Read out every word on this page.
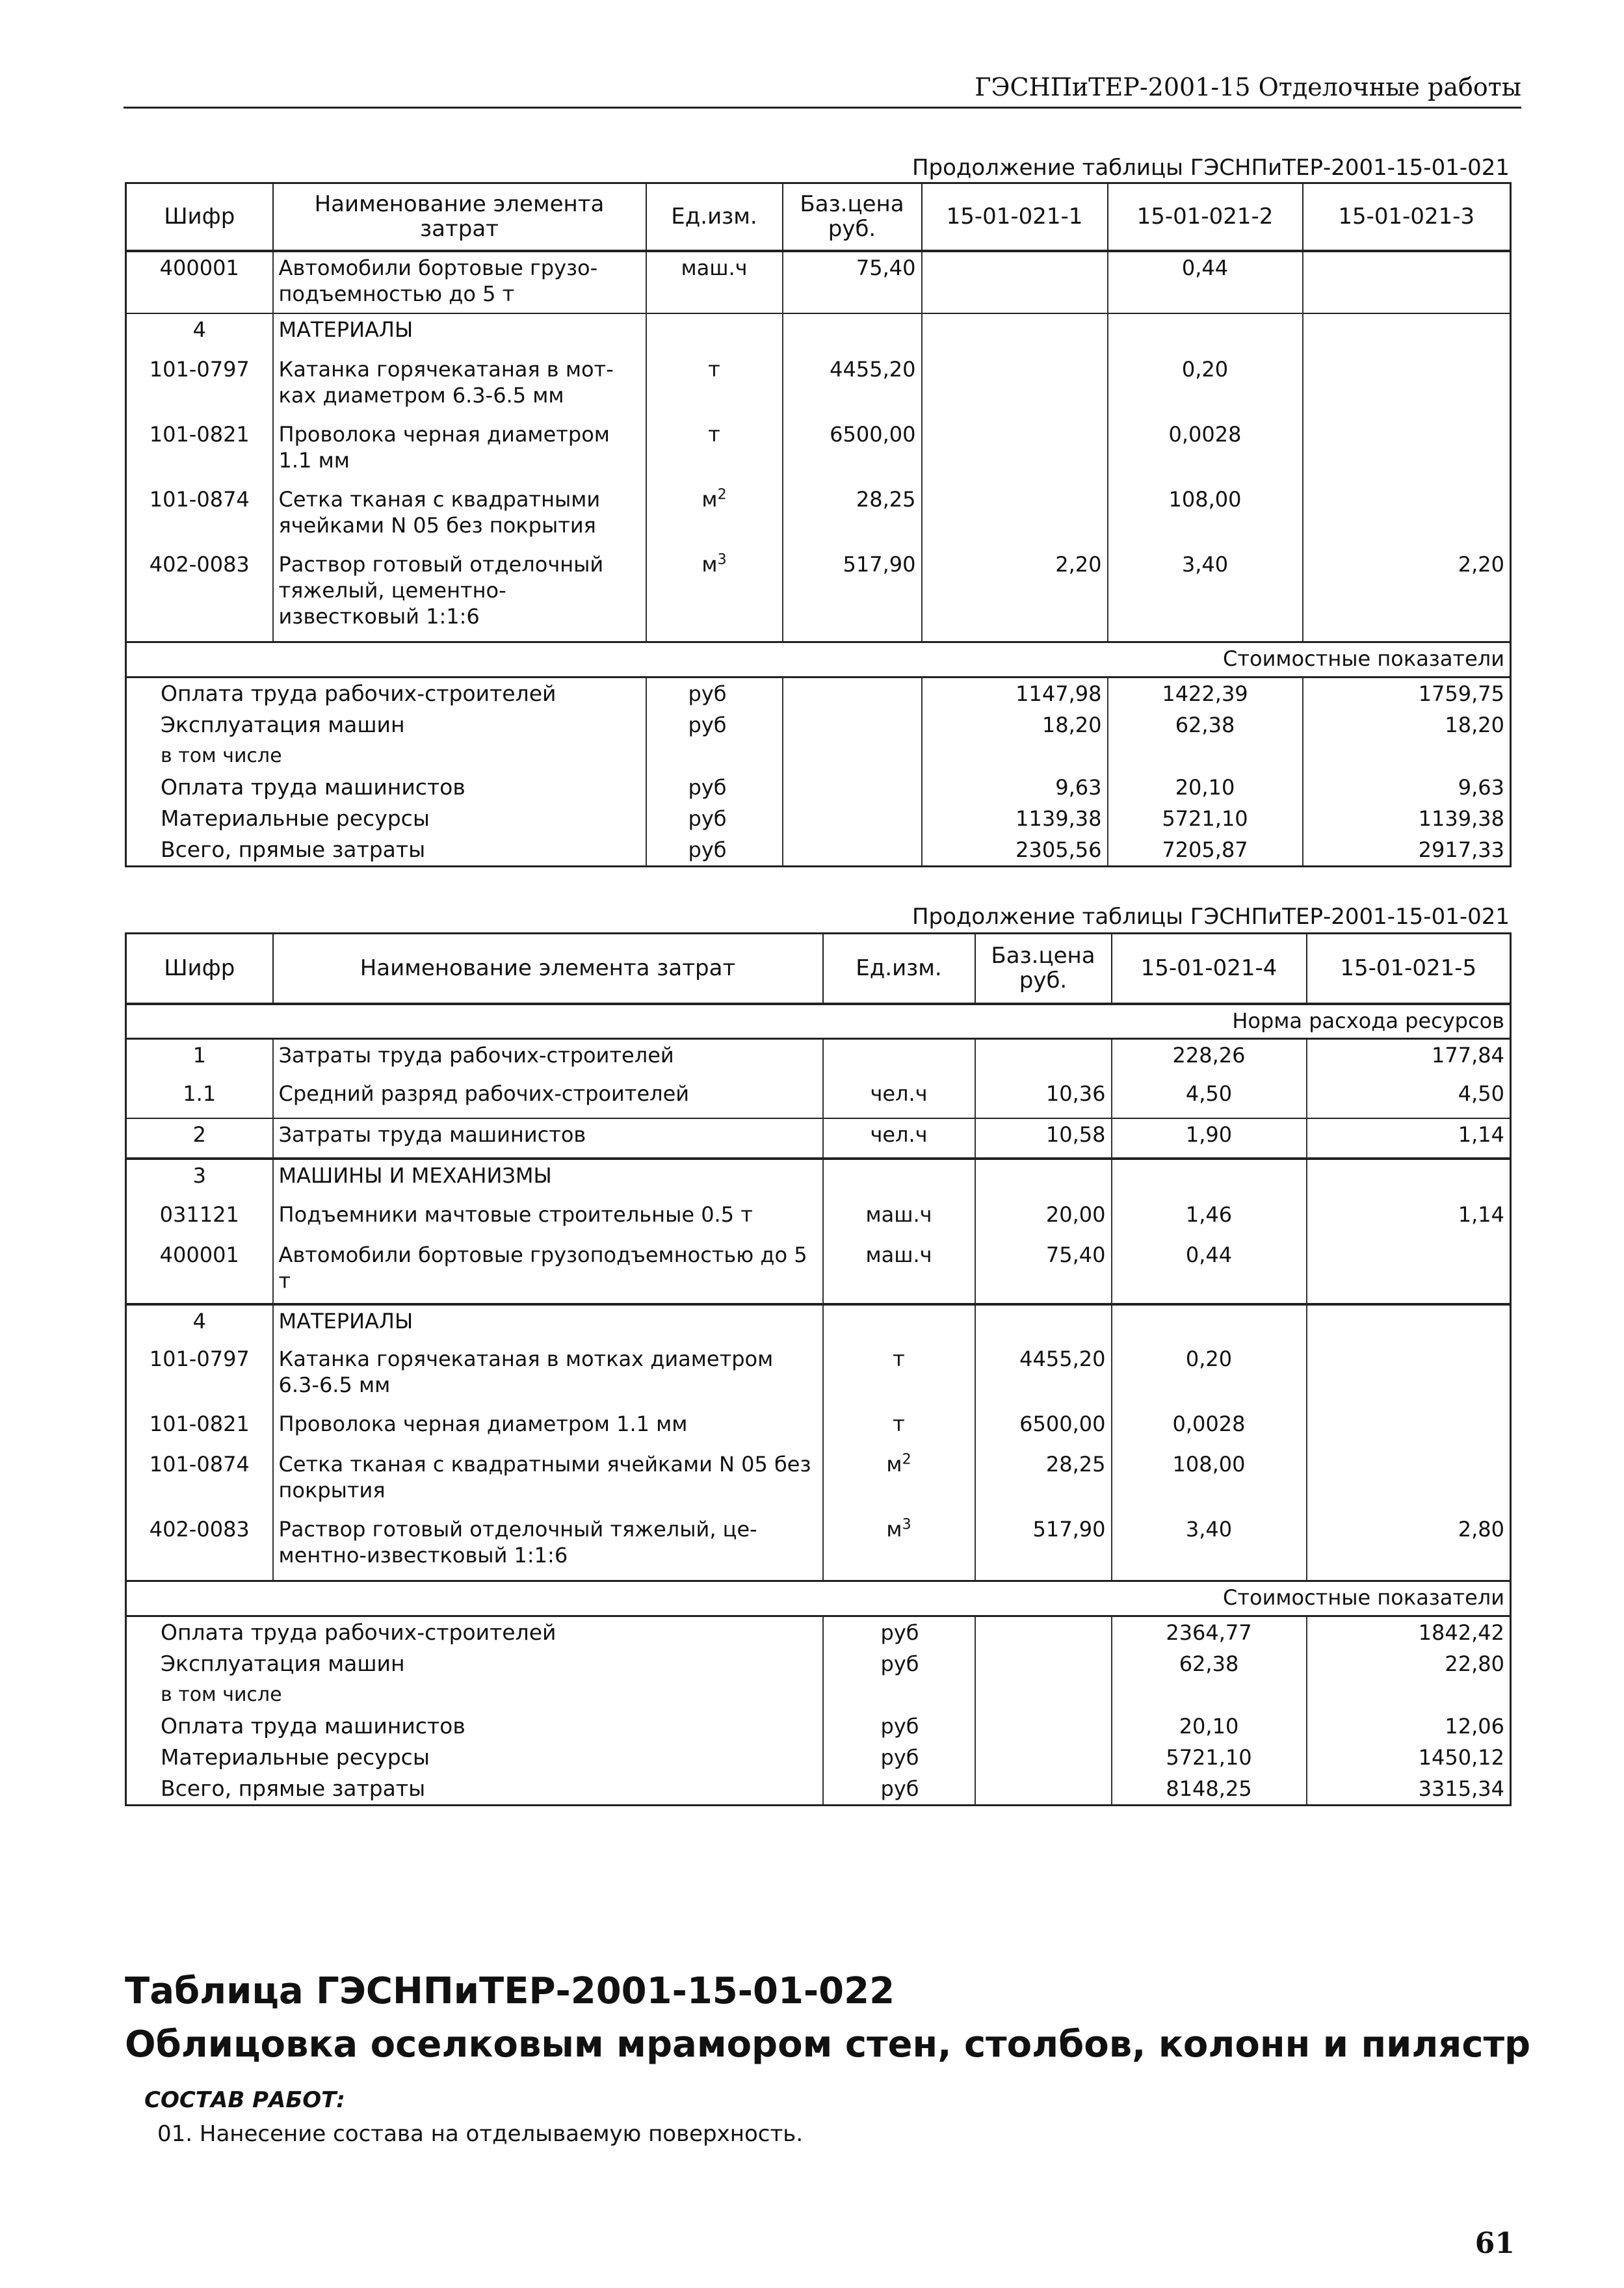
ГЭСНПиТЕР-2001-15 Отделочные работы
Продолжение таблицы ГЭСНПиТЕР-2001-15-01-021
Шифр	Наименование элемента затрат	Ед.изм.	Баз.цена руб.	15-01-021-1	15-01-021-2	15-01-021-3
400001	Автомобили бортовые грузо-подъемностью до 5 т	маш.ч	75,40		0,44	
4	МАТЕРИАЛЫ					
101-0797	Катанка горячекатаная в мот-ках диаметром 6.3-6.5 мм	т	4455,20		0,20	
101-0821	Проволока черная диаметром 1.1 мм	т	6500,00		0,0028	
101-0874	Сетка тканая с квадратными ячейками N 05 без покрытия	$м^2$	28,25		108,00	
402-0083	Раствор готовый отделочный тяжелый, цементно-известковый 1:1:6	$м^3$	517,90	2,20	3,40	2,20
Стоимостные показатели						
Оплата труда рабочих-строителей		руб		1147,98	1422,39	1759,75
Эксплуатация машин		руб		18,20	62,38	18,20
в том числе						
Оплата труда машинистов		руб		9,63	20,10	9,63
Материальные ресурсы		руб		1139,38	5721,10	1139,38
Всего, прямые затраты		руб		2305,56	7205,87	2917,33
Продолжение таблицы ГЭСНПиТЕР-2001-15-01-021
Шифр	Наименование элемента затрат	Ед.изм.	Баз.цена руб.	15-01-021-4	15-01-021-5
Норма расхода ресурсов					
1	Затраты труда рабочих-строителей			228,26	177,84
1.1	Средний разряд рабочих-строителей	чел.ч	10,36	4,50	4,50
2	Затраты труда машинистов	чел.ч	10,58	1,90	1,14
3	МАШИНЫ И МЕХАНИЗМЫ				
031121	Подъемники мачтовые строительные 0.5 т	маш.ч	20,00	1,46	1,14
400001	Автомобили бортовые грузоподъемностью до 5 т	маш.ч	75,40	0,44	
4	МАТЕРИАЛЫ				
101-0797	Катанка горячекатаная в мотках диаметром 6.3-6.5 мм	т	4455,20	0,20	
101-0821	Проволока черная диаметром 1.1 мм	т	6500,00	0,0028	
101-0874	Сетка тканая с квадратными ячейками N 05 без покрытия	$м^2$	28,25	108,00	
402-0083	Раствор готовый отделочный тяжелый, це-ментно-известковый 1:1:6	$м^3$	517,90	3,40	2,80
Стоимостные показатели					
Оплата труда рабочих-строителей		руб		2364,77	1842,42
Эксплуатация машин		руб		62,38	22,80
в том числе					
Оплата труда машинистов		руб		20,10	12,06
Материальные ресурсы		руб		5721,10	1450,12
Всего, прямые затраты		руб		8148,25	3315,34
Таблица ГЭСНПиТЕР-2001-15-01-022
Облицовка оселковым мрамором стен, столбов, колонн и пилястр
СОСТАВ РАБОТ:
01. Нанесение состава на отделываемую поверхность.
61
